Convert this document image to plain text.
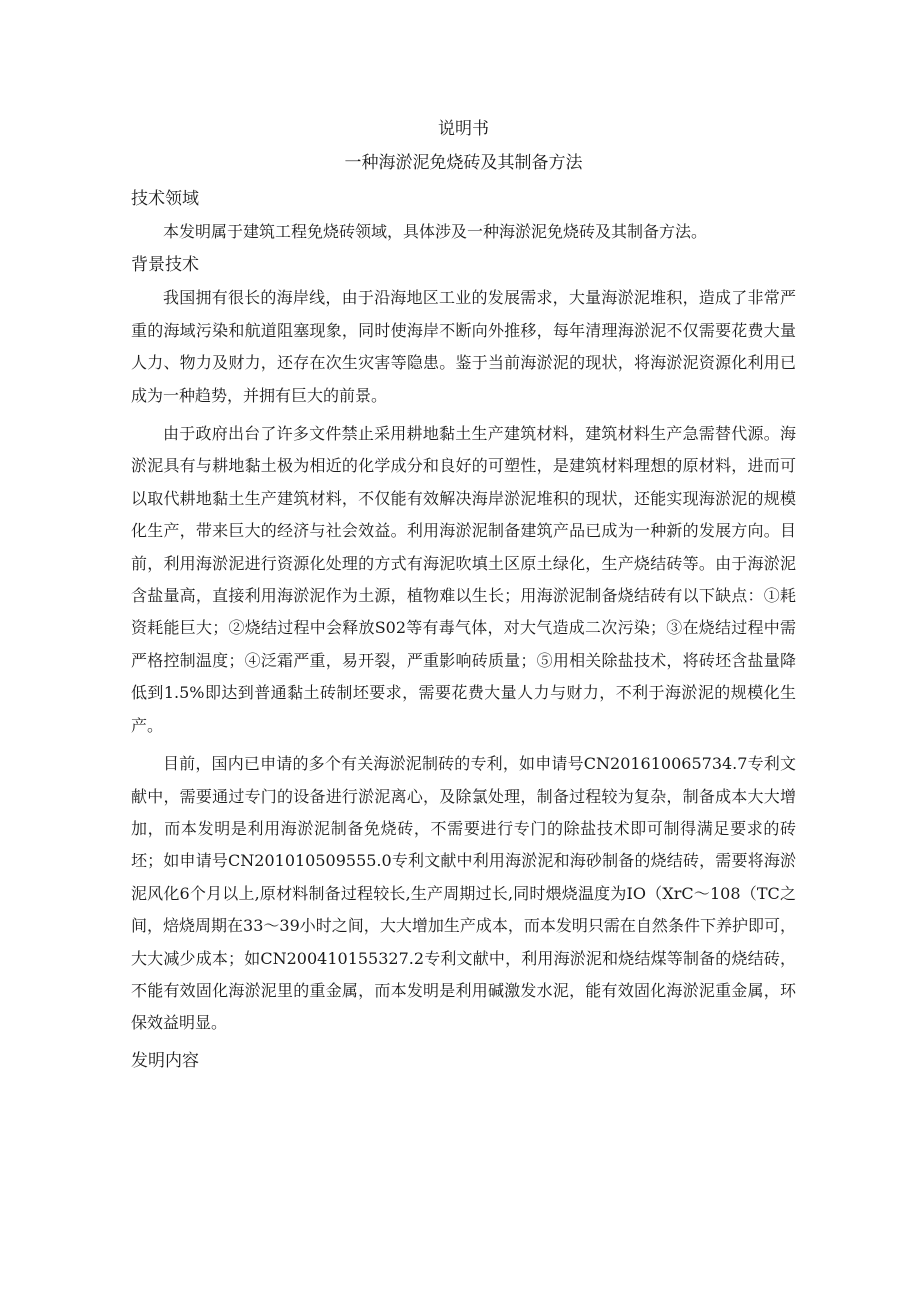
说明书
一种海淤泥免烧砖及其制备方法
技术领域

本发明属于建筑工程免烧砖领域，具体涉及一种海淤泥免烧砖及其制备方法。

背景技术

我国拥有很长的海岸线，由于沿海地区工业的发展需求，大量海淤泥堆积，造成了非常严重的海域污染和航道阻塞现象，同时使海岸不断向外推移，每年清理海淤泥不仅需要花费大量人力、物力及财力，还存在次生灾害等隐患。鉴于当前海淤泥的现状，将海淤泥资源化利用已成为一种趋势，并拥有巨大的前景。

由于政府出台了许多文件禁止采用耕地黏土生产建筑材料，建筑材料生产急需替代源。海淤泥具有与耕地黏土极为相近的化学成分和良好的可塑性，是建筑材料理想的原材料，进而可以取代耕地黏土生产建筑材料，不仅能有效解决海岸淤泥堆积的现状，还能实现海淤泥的规模化生产，带来巨大的经济与社会效益。利用海淤泥制备建筑产品已成为一种新的发展方向。目前，利用海淤泥进行资源化处理的方式有海泥吹填土区原土绿化，生产烧结砖等。由于海淤泥含盐量高，直接利用海淤泥作为土源，植物难以生长；用海淤泥制备烧结砖有以下缺点：①耗资耗能巨大；②烧结过程中会释放S02等有毒气体，对大气造成二次污染；③在烧结过程中需严格控制温度；④泛霜严重，易开裂，严重影响砖质量；⑤用相关除盐技术，将砖坯含盐量降低到1.5%即达到普通黏土砖制坯要求，需要花费大量人力与财力，不利于海淤泥的规模化生产。

目前，国内已申请的多个有关海淤泥制砖的专利，如申请号CN201610065734.7专利文献中，需要通过专门的设备进行淤泥离心，及除氯处理，制备过程较为复杂，制备成本大大增加，而本发明是利用海淤泥制备免烧砖，不需要进行专门的除盐技术即可制得满足要求的砖坯；如申请号CN201010509555.0专利文献中利用海淤泥和海砂制备的烧结砖，需要将海淤泥风化6个月以上,原材料制备过程较长,生产周期过长,同时煨烧温度为IO（XrC～108（TC之间，焙烧周期在33～39小时之间，大大增加生产成本，而本发明只需在自然条件下养护即可，大大减少成本；如CN200410155327.2专利文献中，利用海淤泥和烧结煤等制备的烧结砖，不能有效固化海淤泥里的重金属，而本发明是利用碱激发水泥，能有效固化海淤泥重金属，环保效益明显。

发明内容
